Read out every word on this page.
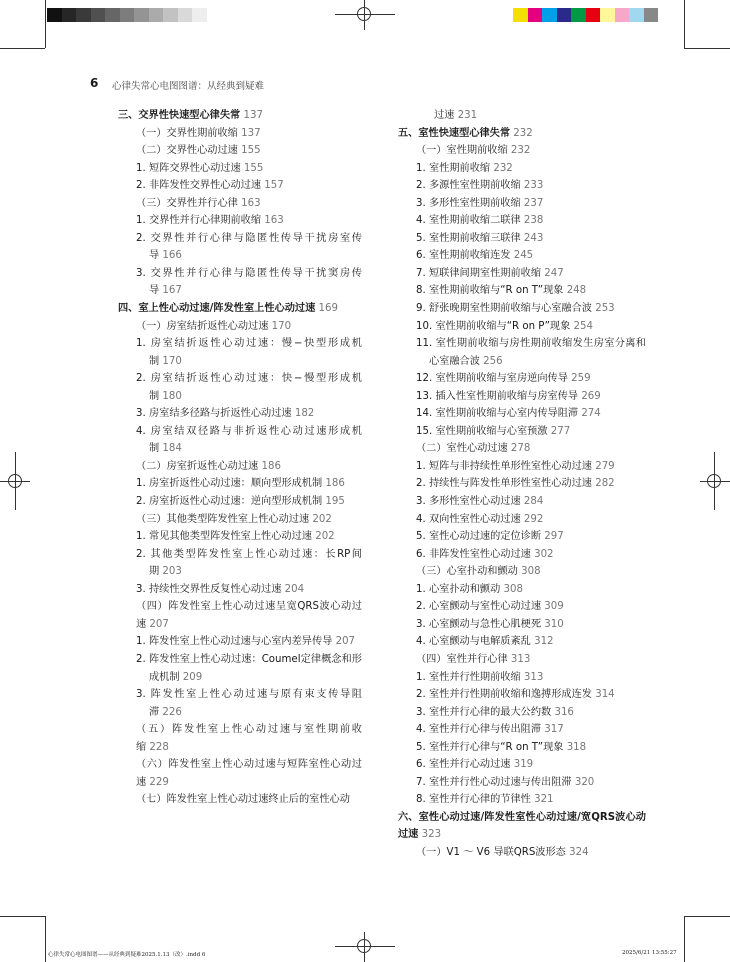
6 心律失常心电图图谱：从经典到疑难
三、交界性快速型心律失常 137
（一）交界性期前收缩 137
（二）交界性心动过速 155
1. 短阵交界性心动过速 155
2. 非阵发性交界性心动过速 157
（三）交界性并行心律 163
1. 交界性并行心律期前收缩 163
2. 交界性并行心律与隐匿性传导干扰房室传导 166
3. 交界性并行心律与隐匿性传导干扰窦房传导 167
四、室上性心动过速/阵发性室上性心动过速 169
（一）房室结折返性心动过速 170
1. 房室结折返性心动过速：慢−快型形成机制 170
2. 房室结折返性心动过速：快−慢型形成机制 180
3. 房室结多径路与折返性心动过速 182
4. 房室结双径路与非折返性心动过速形成机制 184
（二）房室折返性心动过速 186
1. 房室折返性心动过速：顺向型形成机制 186
2. 房室折返性心动过速：逆向型形成机制 195
（三）其他类型阵发性室上性心动过速 202
1. 常见其他类型阵发性室上性心动过速 202
2. 其他类型阵发性室上性心动过速：长RP间期 203
3. 持续性交界性反复性心动过速 204
（四）阵发性室上性心动过速呈宽QRS波心动过速 207
1. 阵发性室上性心动过速与心室内差异传导 207
2. 阵发性室上性心动过速：Coumel定律概念和形成机制 209
3. 阵发性室上性心动过速与原有束支传导阻滞 226
（五）阵发性室上性心动过速与室性期前收缩 228
（六）阵发性室上性心动过速与短阵室性心动过速 229
（七）阵发性室上性心动过速终止后的室性心动
过速 231
五、室性快速型心律失常 232
（一）室性期前收缩 232
1. 室性期前收缩 232
2. 多源性室性期前收缩 233
3. 多形性室性期前收缩 237
4. 室性期前收缩二联律 238
5. 室性期前收缩三联律 243
6. 室性期前收缩连发 245
7. 短联律间期室性期前收缩 247
8. 室性期前收缩与“R on T”现象 248
9. 舒张晚期室性期前收缩与心室融合波 253
10. 室性期前收缩与“R on P”现象 254
11. 室性期前收缩与房性期前收缩发生房室分离和心室融合波 256
12. 室性期前收缩与室房逆向传导 259
13. 插入性室性期前收缩与房室传导 269
14. 室性期前收缩与心室内传导阻滞 274
15. 室性期前收缩与心室预激 277
（二）室性心动过速 278
1. 短阵与非持续性单形性室性心动过速 279
2. 持续性与阵发性单形性室性心动过速 282
3. 多形性室性心动过速 284
4. 双向性室性心动过速 292
5. 室性心动过速的定位诊断 297
6. 非阵发性室性心动过速 302
（三）心室扑动和颤动 308
1. 心室扑动和颤动 308
2. 心室颤动与室性心动过速 309
3. 心室颤动与急性心肌梗死 310
4. 心室颤动与电解质紊乱 312
（四）室性并行心律 313
1. 室性并行性期前收缩 313
2. 室性并行性期前收缩和逸搏形成连发 314
3. 室性并行心律的最大公约数 316
4. 室性并行心律与传出阻滞 317
5. 室性并行心律与“R on T”现象 318
6. 室性并行心动过速 319
7. 室性并行性心动过速与传出阻滞 320
8. 室性并行心律的节律性 321
六、室性心动过速/阵发性室性心动过速/宽QRS波心动过速 323
（一）V1 ～ V6 导联QRS波形态 324
心律失常心电图图谱——从经典到疑难2025.1.13（改）.indd 6	2025/6/21 13:55:27
